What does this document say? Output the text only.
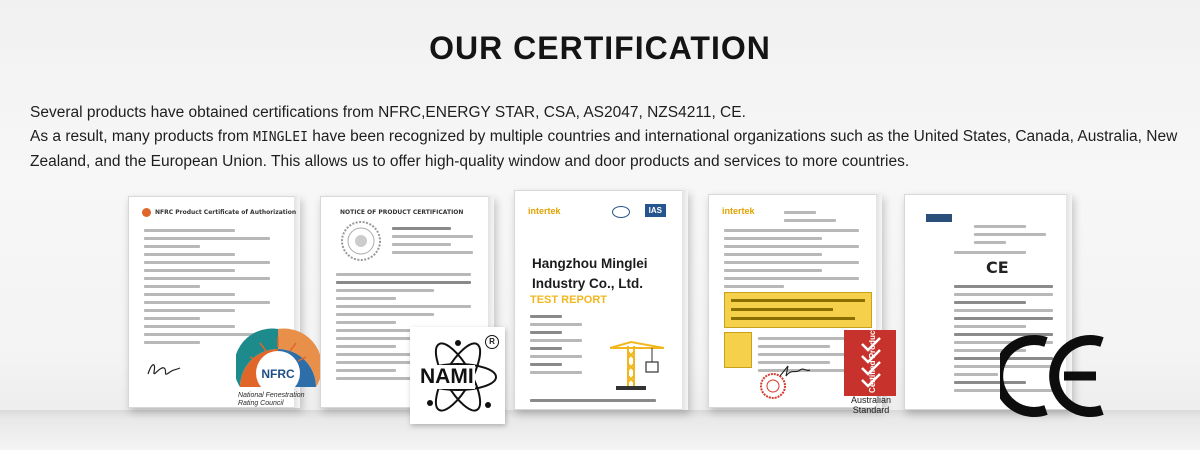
OUR CERTIFICATION

Several products have obtained certifications from NFRC,ENERGY STAR, CSA, AS2047, NZS4211, CE.

As a result, many products from MINGLEI have been recognized by multiple countries and international organizations such as the United States, Canada, Australia, New Zealand, and the European Union. This allows us to offer high-quality window and door products and services to more countries.

NFRC Product Certificate of Authorization	NOTICE OF PRODUCT CERTIFICATION	intertek	IAS
Hangzhou Minglei Industry Co., Ltd.
TEST REPORT
intertek
CE
NFRC
National Fenestration Rating Council
NAMI
R	Certified Product
Australian Standard
